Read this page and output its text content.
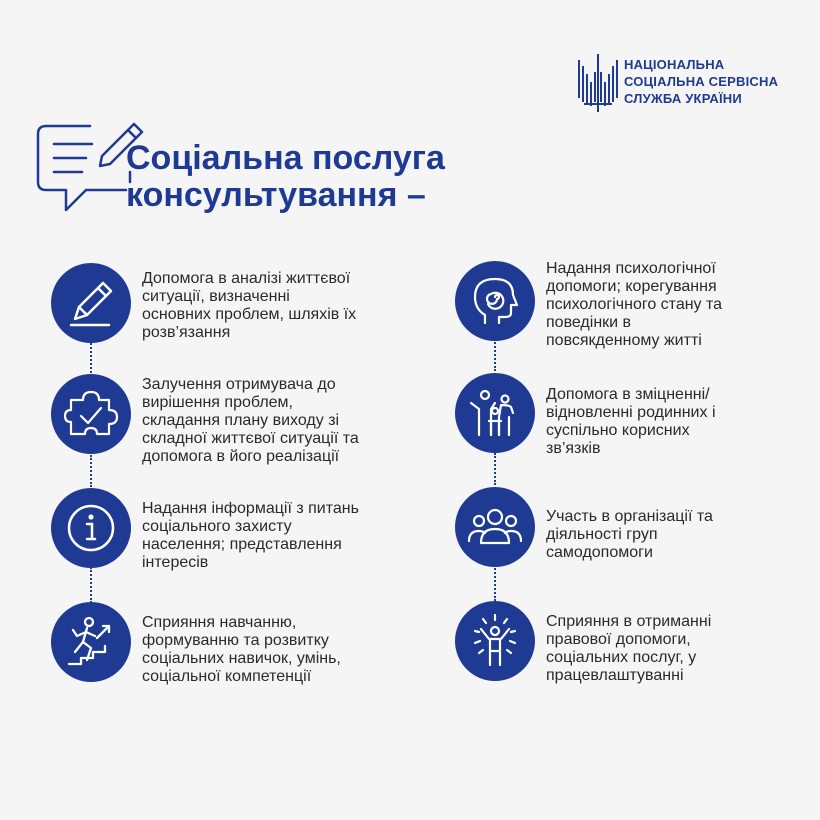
НАЦІОНАЛЬНА
СОЦІАЛЬНА СЕРВІСНА
СЛУЖБА УКРАЇНИ
Соціальна послуга
консультування –
Допомога в аналізі життєвої
ситуації, визначенні
основних проблем, шляхів їх
розв’язання
Залучення отримувача до
вирішення проблем,
складання плану виходу зі
складної життєвої ситуації та
допомога в його реалізації
Надання інформації з питань
соціального захисту
населення; представлення
інтересів
Сприяння навчанню,
формуванню та розвитку
соціальних навичок, умінь,
соціальної компетенції
Надання психологічної
допомоги; корегування
психологічного стану та
поведінки в
повсякденному житті
Допомога в зміцненні/
відновленні родинних і
суспільно корисних
зв’язків
Участь в організації та
діяльності груп
самодопомоги
Сприяння в отриманні
правової допомоги,
соціальних послуг, у
працевлаштуванні
